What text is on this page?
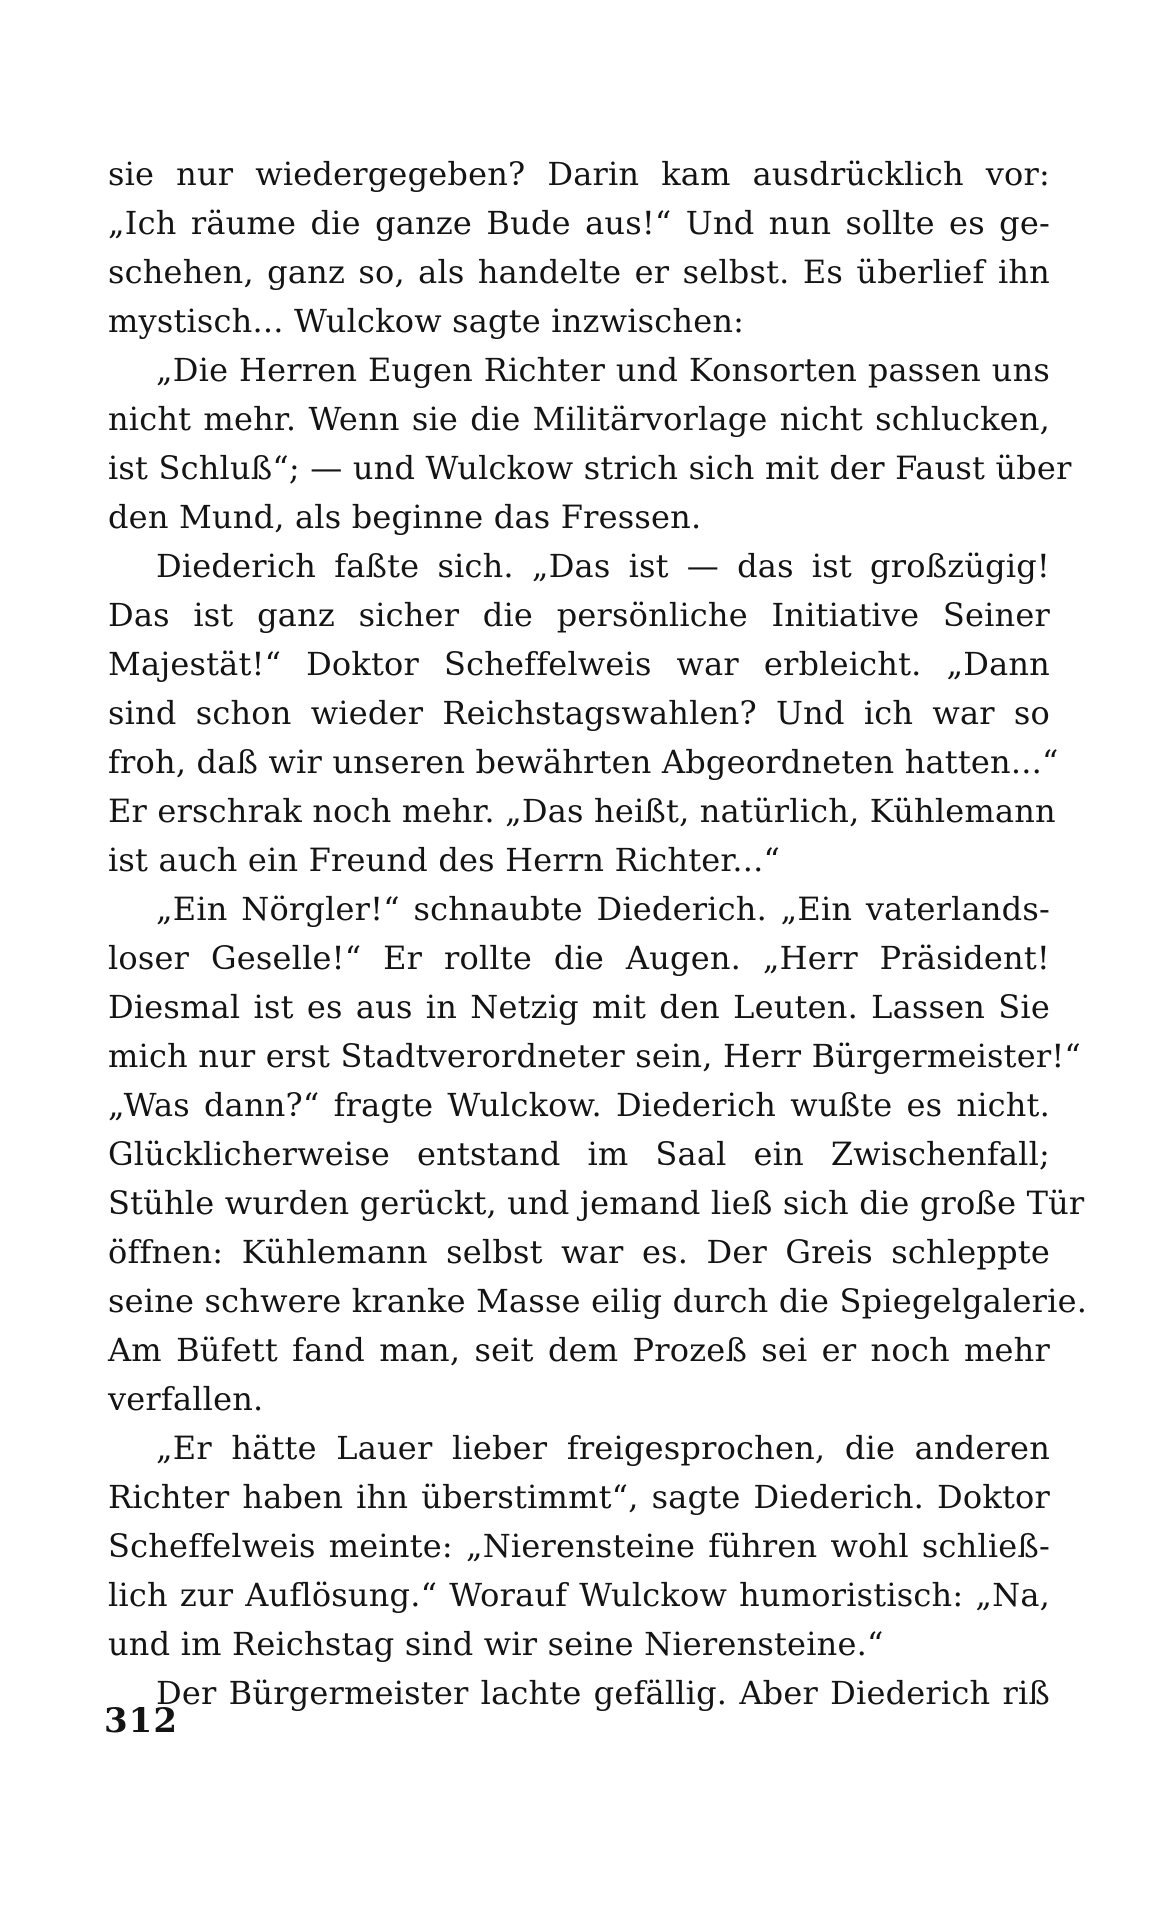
sie nur wiedergegeben? Darin kam ausdrücklich vor:
„Ich räume die ganze Bude aus!“ Und nun sollte es ge-
schehen, ganz so, als handelte er selbst. Es überlief ihn
mystisch... Wulckow sagte inzwischen:
„Die Herren Eugen Richter und Konsorten passen uns
nicht mehr. Wenn sie die Militärvorlage nicht schlucken,
ist Schluß“; — und Wulckow strich sich mit der Faust über
den Mund, als beginne das Fressen.
Diederich faßte sich. „Das ist — das ist großzügig!
Das ist ganz sicher die persönliche Initiative Seiner
Majestät!“ Doktor Scheffelweis war erbleicht. „Dann
sind schon wieder Reichstagswahlen? Und ich war so
froh, daß wir unseren bewährten Abgeordneten hatten...“
Er erschrak noch mehr. „Das heißt, natürlich, Kühlemann
ist auch ein Freund des Herrn Richter...“
„Ein Nörgler!“ schnaubte Diederich. „Ein vaterlands-
loser Geselle!“ Er rollte die Augen. „Herr Präsident!
Diesmal ist es aus in Netzig mit den Leuten. Lassen Sie
mich nur erst Stadtverordneter sein, Herr Bürgermeister!“
„Was dann?“ fragte Wulckow. Diederich wußte es nicht.
Glücklicherweise entstand im Saal ein Zwischenfall;
Stühle wurden gerückt, und jemand ließ sich die große Tür
öffnen: Kühlemann selbst war es. Der Greis schleppte
seine schwere kranke Masse eilig durch die Spiegelgalerie.
Am Büfett fand man, seit dem Prozeß sei er noch mehr
verfallen.
„Er hätte Lauer lieber freigesprochen, die anderen
Richter haben ihn überstimmt“, sagte Diederich. Doktor
Scheffelweis meinte: „Nierensteine führen wohl schließ-
lich zur Auflösung.“ Worauf Wulckow humoristisch: „Na,
und im Reichstag sind wir seine Nierensteine.“
Der Bürgermeister lachte gefällig. Aber Diederich riß
312
